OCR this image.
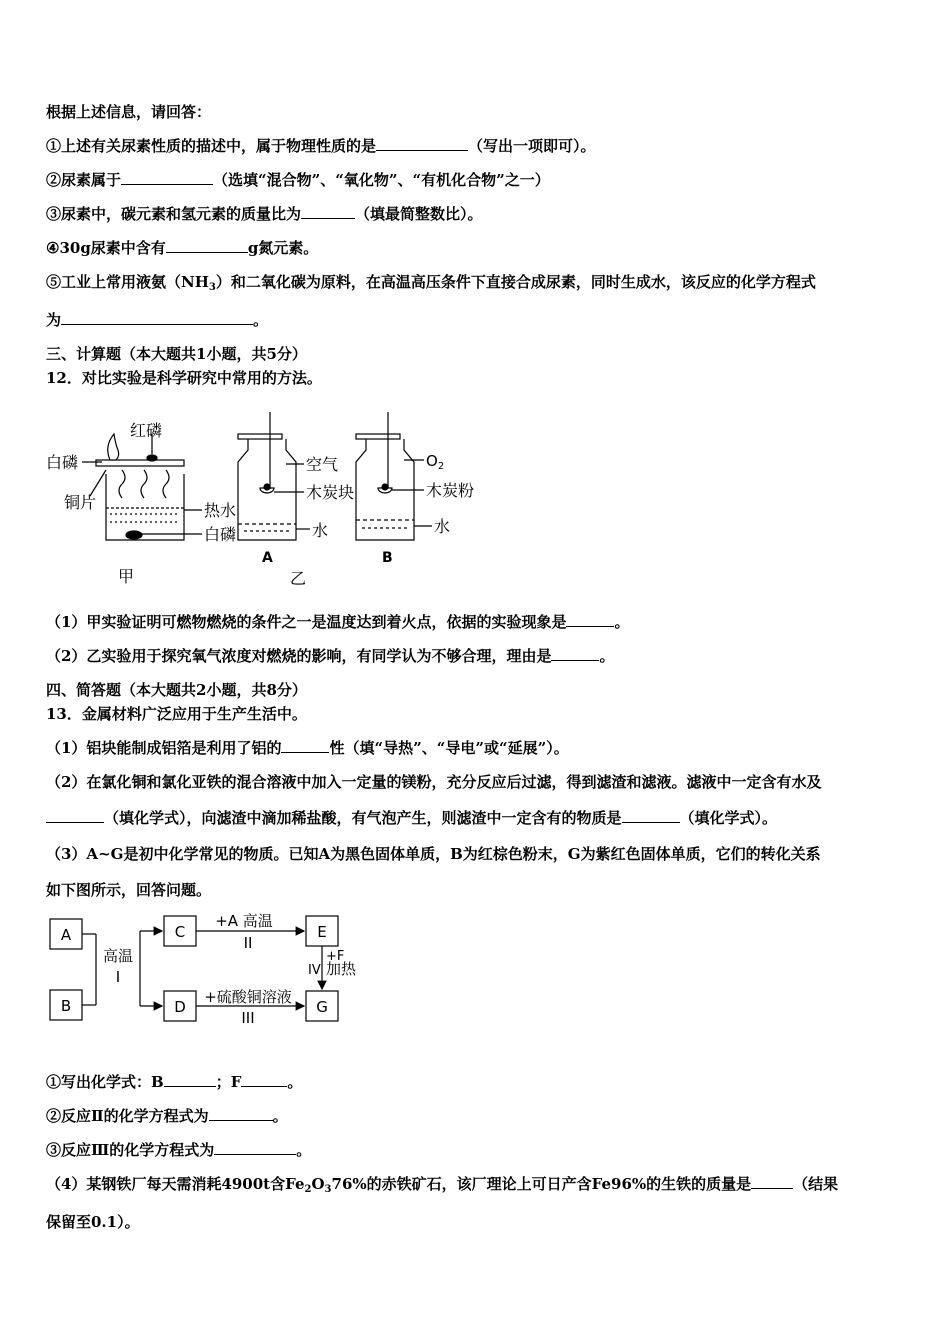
根据上述信息，请回答：
①上述有关尿素性质的描述中，属于物理性质的是	（写出一项即可）。
②尿素属于	（选填“混合物”、“氧化物”、“有机化合物”之一）
③尿素中，碳元素和氢元素的质量比为	（填最简整数比）。
④30g尿素中含有	g氮元素。
⑤工业上常用液氨$(NH_3)$和二氧化碳为原料，在高温高压条件下直接合成尿素，同时生成水，该反应的化学方程式
为	。
三、计算题（本大题共1小题，共5分）
12．对比实验是科学研究中常用的方法。
红磷
白磷
铜片	热水
白磷
甲
空气
木炭块
水
A
乙
$O_2$
木炭粉
水
B
（1）甲实验证明可燃物燃烧的条件之一是温度达到着火点，依据的实验现象是	。
（2）乙实验用于探究氧气浓度对燃烧的影响，有同学认为不够合理，理由是	。
四、简答题（本大题共2小题，共8分）
13．金属材料广泛应用于生产生活中。
（1）铝块能制成铝箔是利用了铝的	性（填“导热”、“导电”或“延展”）。
（2）在氯化铜和氯化亚铁的混合溶液中加入一定量的镁粉，充分反应后过滤，得到滤渣和滤液。滤液中一定含有水及
（填化学式），向滤渣中滴加稀盐酸，有气泡产生，则滤渣中一定含有的物质是	（填化学式）。
（3）A~G是初中化学常见的物质。已知A为黑色固体单质，B为红棕色粉末，G为紫红色固体单质，它们的转化关系
如下图所示，回答问题。
A
B
C
D
E
G
高温
I
+A 高温
II
+硫酸铜溶液
III
+F
IV 加热
①写出化学式：B	；F	。
②反应Ⅱ的化学方程式为	。
③反应Ⅲ的化学方程式为	。
（4）某钢铁厂每天需消耗4900t含$Fe_2O_376\%$的赤铁矿石，该厂理论上可日产含Fe96%的生铁的质量是	（结果
保留至0.1）。
